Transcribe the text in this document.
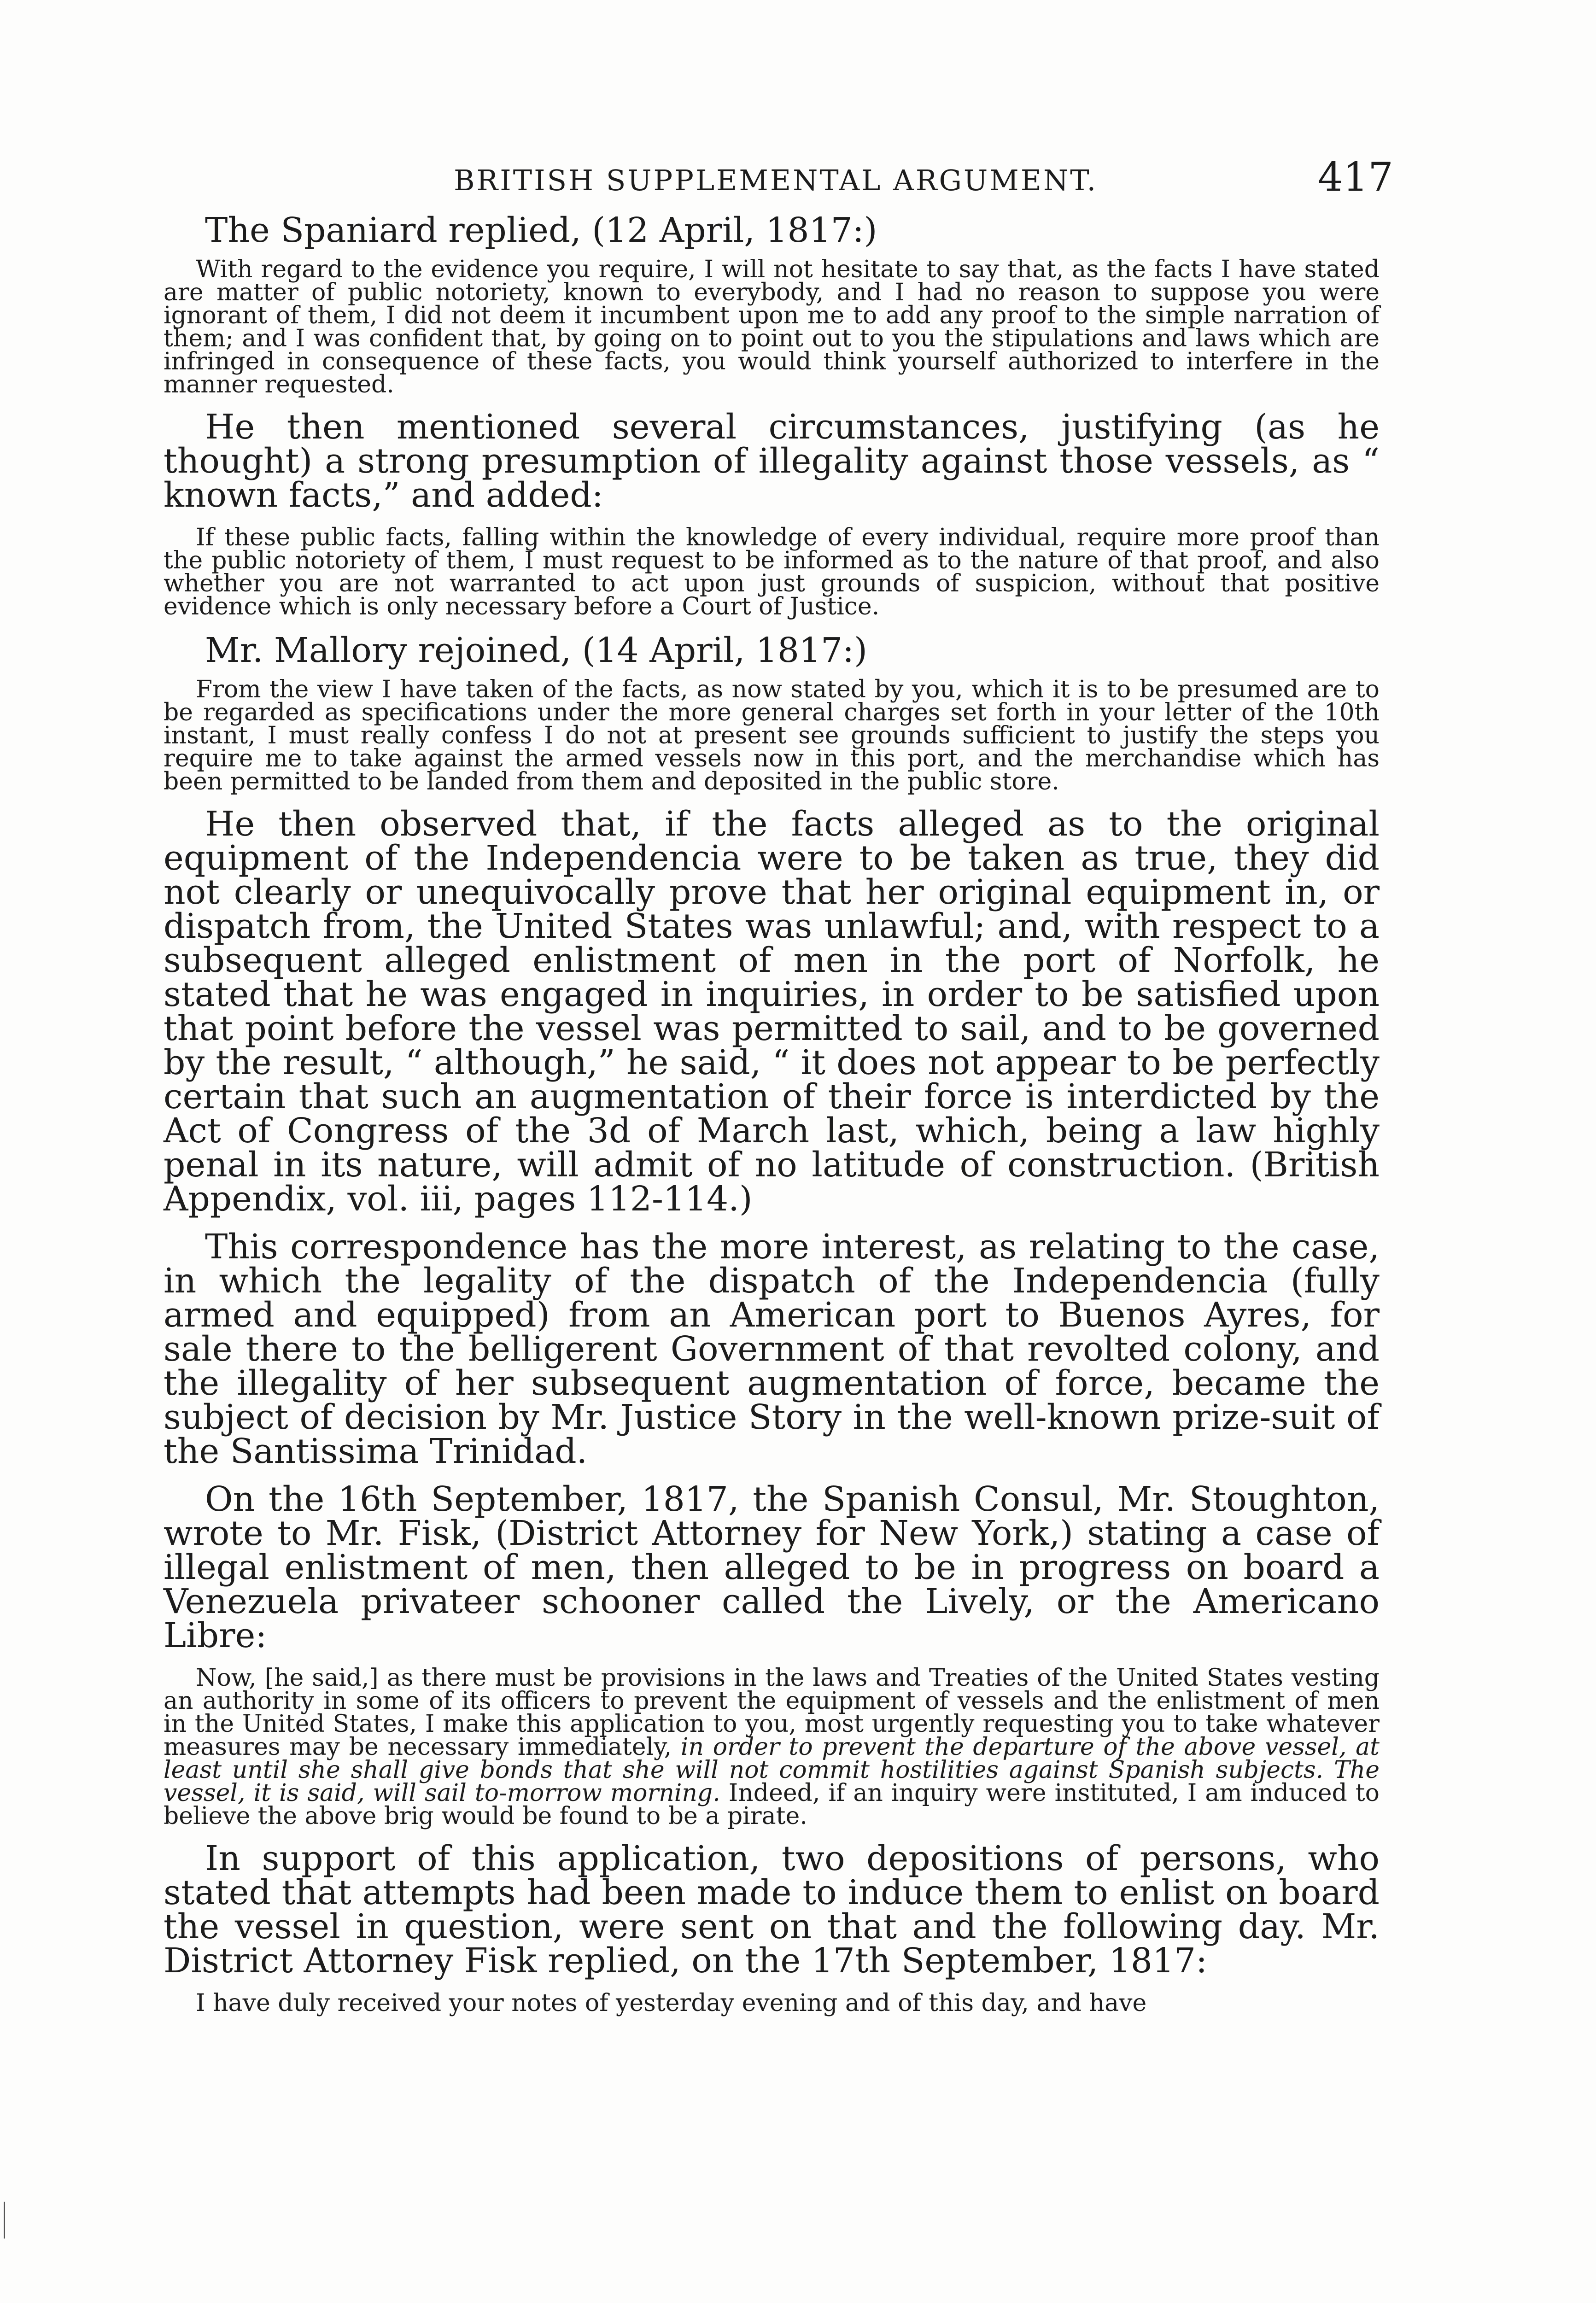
BRITISH SUPPLEMENTAL ARGUMENT.	417

The Spaniard replied, (12 April, 1817:)

With regard to the evidence you require, I will not hesitate to say that, as the facts I have stated are matter of public notoriety, known to everybody, and I had no reason to suppose you were ignorant of them, I did not deem it incumbent upon me to add any proof to the simple narration of them; and I was confident that, by going on to point out to you the stipulations and laws which are infringed in consequence of these facts, you would think yourself authorized to interfere in the manner requested.

He then mentioned several circumstances, justifying (as he thought) a strong presumption of illegality against those vessels, as “ known facts,” and added:

If these public facts, falling within the knowledge of every individual, require more proof than the public notoriety of them, I must request to be informed as to the nature of that proof, and also whether you are not warranted to act upon just grounds of suspicion, without that positive evidence which is only necessary before a Court of Justice.

Mr. Mallory rejoined, (14 April, 1817:)

From the view I have taken of the facts, as now stated by you, which it is to be presumed are to be regarded as specifications under the more general charges set forth in your letter of the 10th instant, I must really confess I do not at present see grounds sufficient to justify the steps you require me to take against the armed vessels now in this port, and the merchandise which has been permitted to be landed from them and deposited in the public store.

He then observed that, if the facts alleged as to the original equipment of the Independencia were to be taken as true, they did not clearly or unequivocally prove that her original equipment in, or dispatch from, the United States was unlawful; and, with respect to a subsequent alleged enlistment of men in the port of Norfolk, he stated that he was engaged in inquiries, in order to be satisfied upon that point before the vessel was permitted to sail, and to be governed by the result, “ although,” he said, “ it does not appear to be perfectly certain that such an augmentation of their force is interdicted by the Act of Congress of the 3d of March last, which, being a law highly penal in its nature, will admit of no latitude of construction. (British Appendix, vol. iii, pages 112-114.)

This correspondence has the more interest, as relating to the case, in which the legality of the dispatch of the Independencia (fully armed and equipped) from an American port to Buenos Ayres, for sale there to the belligerent Government of that revolted colony, and the illegality of her subsequent augmentation of force, became the subject of decision by Mr. Justice Story in the well-known prize-suit of the Santissima Trinidad.

On the 16th September, 1817, the Spanish Consul, Mr. Stoughton, wrote to Mr. Fisk, (District Attorney for New York,) stating a case of illegal enlistment of men, then alleged to be in progress on board a Venezuela privateer schooner called the Lively, or the Americano Libre:

Now, [he said,] as there must be provisions in the laws and Treaties of the United States vesting an authority in some of its officers to prevent the equipment of vessels and the enlistment of men in the United States, I make this application to you, most urgently requesting you to take whatever measures may be necessary immediately, in order to prevent the departure of the above vessel, at least until she shall give bonds that she will not commit hostilities against Spanish subjects. The vessel, it is said, will sail to-morrow morning. Indeed, if an inquiry were instituted, I am induced to believe the above brig would be found to be a pirate.

In support of this application, two depositions of persons, who stated that attempts had been made to induce them to enlist on board the vessel in question, were sent on that and the following day. Mr. District Attorney Fisk replied, on the 17th September, 1817:

I have duly received your notes of yesterday evening and of this day, and have
